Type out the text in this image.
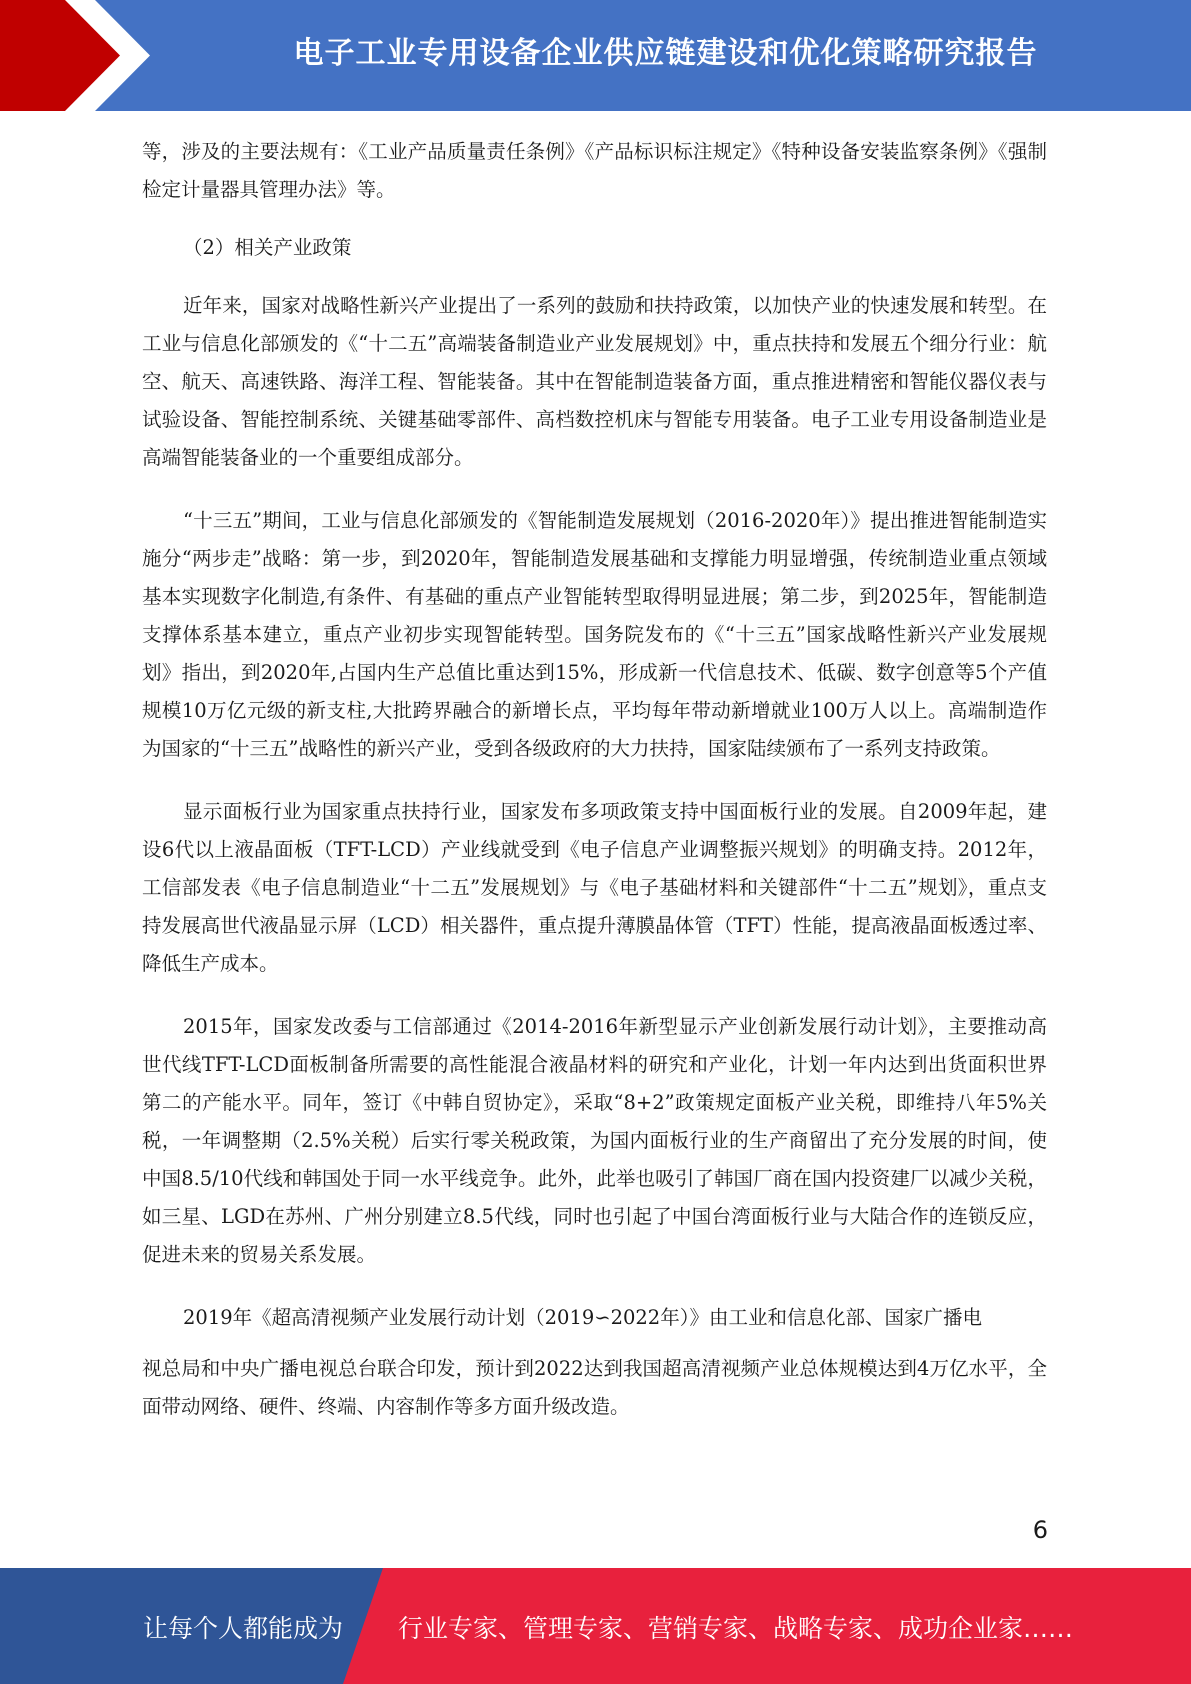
电子工业专用设备企业供应链建设和优化策略研究报告

等，涉及的主要法规有：《工业产品质量责任条例》《产品标识标注规定》《特种设备安装监察条例》《强制检定计量器具管理办法》等。

（2）相关产业政策

近年来，国家对战略性新兴产业提出了一系列的鼓励和扶持政策，以加快产业的快速发展和转型。在工业与信息化部颁发的《“十二五”高端装备制造业产业发展规划》中，重点扶持和发展五个细分行业：航空、航天、高速铁路、海洋工程、智能装备。其中在智能制造装备方面，重点推进精密和智能仪器仪表与试验设备、智能控制系统、关键基础零部件、高档数控机床与智能专用装备。电子工业专用设备制造业是高端智能装备业的一个重要组成部分。

“十三五”期间，工业与信息化部颁发的《智能制造发展规划（2016-2020年）》提出推进智能制造实施分“两步走”战略：第一步，到2020年，智能制造发展基础和支撑能力明显增强，传统制造业重点领域基本实现数字化制造,有条件、有基础的重点产业智能转型取得明显进展；第二步，到2025年，智能制造支撑体系基本建立，重点产业初步实现智能转型。国务院发布的《“十三五”国家战略性新兴产业发展规划》指出，到2020年,占国内生产总值比重达到15%，形成新一代信息技术、低碳、数字创意等5个产值规模10万亿元级的新支柱,大批跨界融合的新增长点，平均每年带动新增就业100万人以上。高端制造作为国家的“十三五”战略性的新兴产业，受到各级政府的大力扶持，国家陆续颁布了一系列支持政策。

显示面板行业为国家重点扶持行业，国家发布多项政策支持中国面板行业的发展。自2009年起，建设6代以上液晶面板（TFT-LCD）产业线就受到《电子信息产业调整振兴规划》的明确支持。2012年，工信部发表《电子信息制造业“十二五”发展规划》与《电子基础材料和关键部件“十二五”规划》，重点支持发展高世代液晶显示屏（LCD）相关器件，重点提升薄膜晶体管（TFT）性能，提高液晶面板透过率、降低生产成本。

2015年，国家发改委与工信部通过《2014-2016年新型显示产业创新发展行动计划》，主要推动高世代线TFT-LCD面板制备所需要的高性能混合液晶材料的研究和产业化，计划一年内达到出货面积世界第二的产能水平。同年，签订《中韩自贸协定》，采取“8+2”政策规定面板产业关税，即维持八年5%关税，一年调整期（2.5%关税）后实行零关税政策，为国内面板行业的生产商留出了充分发展的时间，使中国8.5/10代线和韩国处于同一水平线竞争。此外，此举也吸引了韩国厂商在国内投资建厂以减少关税，如三星、LGD在苏州、广州分别建立8.5代线，同时也引起了中国台湾面板行业与大陆合作的连锁反应，促进未来的贸易关系发展。

2019年《超高清视频产业发展行动计划（2019∽2022年）》由工业和信息化部、国家广播电

视总局和中央广播电视总台联合印发，预计到2022达到我国超高清视频产业总体规模达到4万亿水平，全面带动网络、硬件、终端、内容制作等多方面升级改造。

6
让每个人都能成为 行业专家、管理专家、营销专家、战略专家、成功企业家……
